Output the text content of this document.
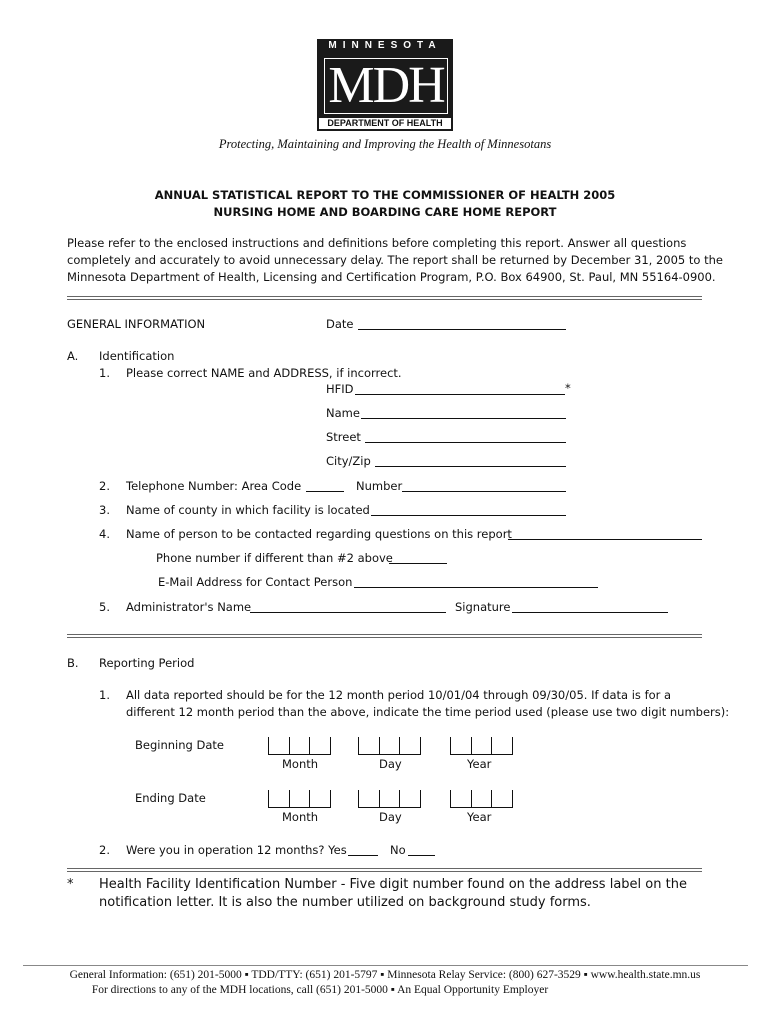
MINNESOTA
MDH
DEPARTMENT OF HEALTH
Protecting, Maintaining and Improving the Health of Minnesotans
ANNUAL STATISTICAL REPORT TO THE COMMISSIONER OF HEALTH 2005
NURSING HOME AND BOARDING CARE HOME REPORT
Please refer to the enclosed instructions and definitions before completing this report. Answer all questions
completely and accurately to avoid unnecessary delay. The report shall be returned by December 31, 2005 to the
Minnesota Department of Health, Licensing and Certification Program, P.O. Box 64900, St. Paul, MN 55164-0900.
GENERAL INFORMATION	Date
A. Identification
1. Please correct NAME and ADDRESS, if incorrect.
HFID	*
Name
Street
City/Zip
2. Telephone Number: Area Code	Number
3. Name of county in which facility is located
4. Name of person to be contacted regarding questions on this report
Phone number if different than #2 above
E-Mail Address for Contact Person
5. Administrator's Name	Signature
B. Reporting Period
1. All data reported should be for the 12 month period 10/01/04 through 09/30/05. If data is for a
different 12 month period than the above, indicate the time period used (please use two digit numbers):
Beginning Date
Month	Day	Year
Ending Date
Month	Day	Year
2. Were you in operation 12 months? Yes	No
* Health Facility Identification Number - Five digit number found on the address label on the
notification letter. It is also the number utilized on background study forms.
General Information: (651) 201-5000 ▪ TDD/TTY: (651) 201-5797 ▪ Minnesota Relay Service: (800) 627-3529 ▪ www.health.state.mn.us
For directions to any of the MDH locations, call (651) 201-5000 ▪ An Equal Opportunity Employer
